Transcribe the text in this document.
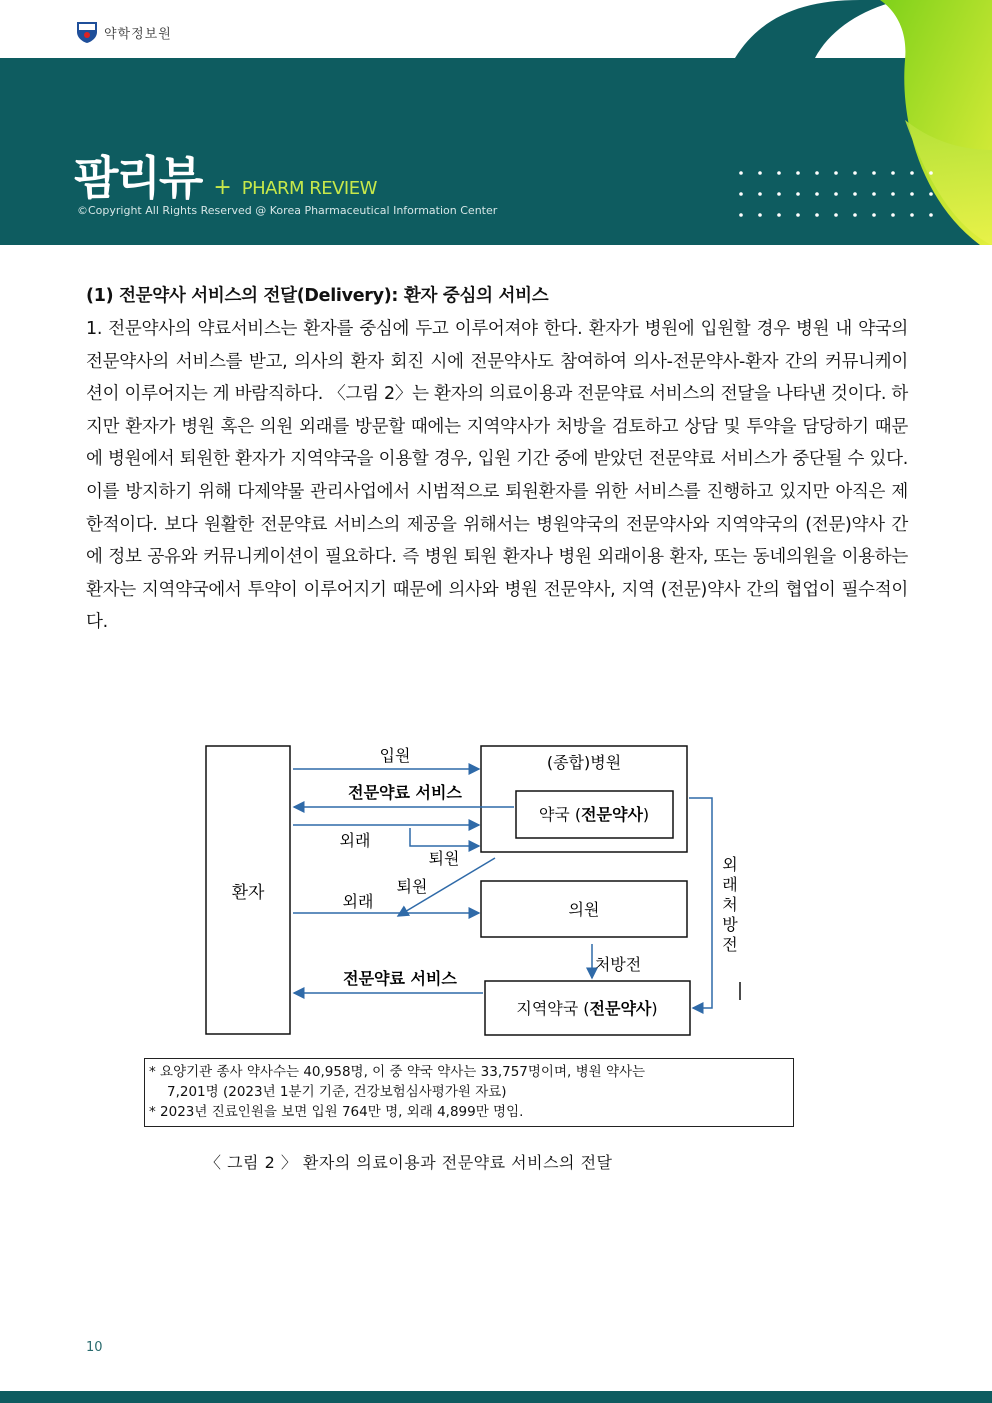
약학정보원
팜리뷰 + PHARM REVIEW
©Copyright All Rights Reserved @ Korea Pharmaceutical Information Center
(1) 전문약사 서비스의 전달(Delivery): 환자 중심의 서비스

1. 전문약사의 약료서비스는 환자를 중심에 두고 이루어져야 한다. 환자가 병원에 입원할 경우 병원 내 약국의 전문약사의 서비스를 받고, 의사의 환자 회진 시에 전문약사도 참여하여 의사-전문약사-환자 간의 커뮤니케이션이 이루어지는 게 바람직하다. 〈그림 2〉는 환자의 의료이용과 전문약료 서비스의 전달을 나타낸 것이다. 하지만 환자가 병원 혹은 의원 외래를 방문할 때에는 지역약사가 처방을 검토하고 상담 및 투약을 담당하기 때문에 병원에서 퇴원한 환자가 지역약국을 이용할 경우, 입원 기간 중에 받았던 전문약료 서비스가 중단될 수 있다. 이를 방지하기 위해 다제약물 관리사업에서 시범적으로 퇴원환자를 위한 서비스를 진행하고 있지만 아직은 제한적이다. 보다 원활한 전문약료 서비스의 제공을 위해서는 병원약국의 전문약사와 지역약국의 (전문)약사 간에 정보 공유와 커뮤니케이션이 필요하다. 즉 병원 퇴원 환자나 병원 외래이용 환자, 또는 동네의원을 이용하는 환자는 지역약국에서 투약이 이루어지기 때문에 의사와 병원 전문약사, 지역 (전문)약사 간의 협업이 필수적이다.

환자
(종합)병원
약국 (전문약사)
의원
지역약국 (전문약사)
입원
전문약료 서비스
외래
퇴원
퇴원
외래
처방전
전문약료 서비스
외
래
처
방
전
* 요양기관 종사 약사수는 40,958명, 이 중 약국 약사는 33,757명이며, 병원 약사는
7,201명 (2023년 1분기 기준, 건강보험심사평가원 자료)
* 2023년 진료인원을 보면 입원 764만 명, 외래 4,899만 명임.
〈 그림 2 〉 환자의 의료이용과 전문약료 서비스의 전달
10
